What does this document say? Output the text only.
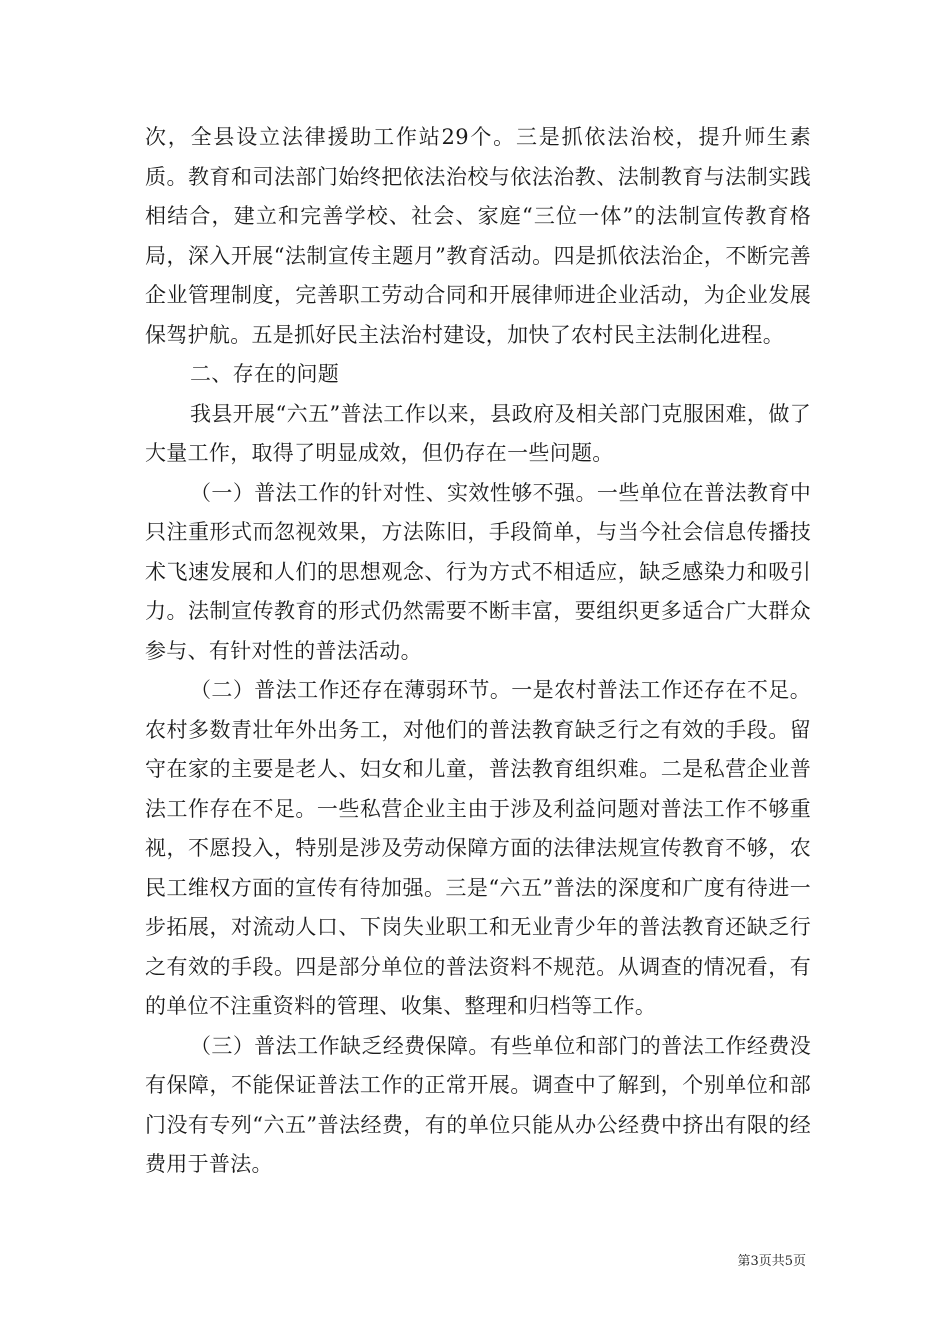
次，全县设立法律援助工作站29个。三是抓依法治校，提升师生素质。教育和司法部门始终把依法治校与依法治教、法制教育与法制实践相结合，建立和完善学校、社会、家庭“三位一体”的法制宣传教育格局，深入开展“法制宣传主题月”教育活动。四是抓依法治企，不断完善企业管理制度，完善职工劳动合同和开展律师进企业活动，为企业发展保驾护航。五是抓好民主法治村建设，加快了农村民主法制化进程。

二、存在的问题

我县开展“六五”普法工作以来，县政府及相关部门克服困难，做了大量工作，取得了明显成效，但仍存在一些问题。

（一）普法工作的针对性、实效性够不强。一些单位在普法教育中只注重形式而忽视效果，方法陈旧，手段简单，与当今社会信息传播技术飞速发展和人们的思想观念、行为方式不相适应，缺乏感染力和吸引力。法制宣传教育的形式仍然需要不断丰富，要组织更多适合广大群众参与、有针对性的普法活动。

（二）普法工作还存在薄弱环节。一是农村普法工作还存在不足。农村多数青壮年外出务工，对他们的普法教育缺乏行之有效的手段。留守在家的主要是老人、妇女和儿童，普法教育组织难。二是私营企业普法工作存在不足。一些私营企业主由于涉及利益问题对普法工作不够重视，不愿投入，特别是涉及劳动保障方面的法律法规宣传教育不够，农民工维权方面的宣传有待加强。三是“六五”普法的深度和广度有待进一步拓展，对流动人口、下岗失业职工和无业青少年的普法教育还缺乏行之有效的手段。四是部分单位的普法资料不规范。从调查的情况看，有的单位不注重资料的管理、收集、整理和归档等工作。

（三）普法工作缺乏经费保障。有些单位和部门的普法工作经费没有保障，不能保证普法工作的正常开展。调查中了解到，个别单位和部门没有专列“六五”普法经费，有的单位只能从办公经费中挤出有限的经费用于普法。

第3页共5页
